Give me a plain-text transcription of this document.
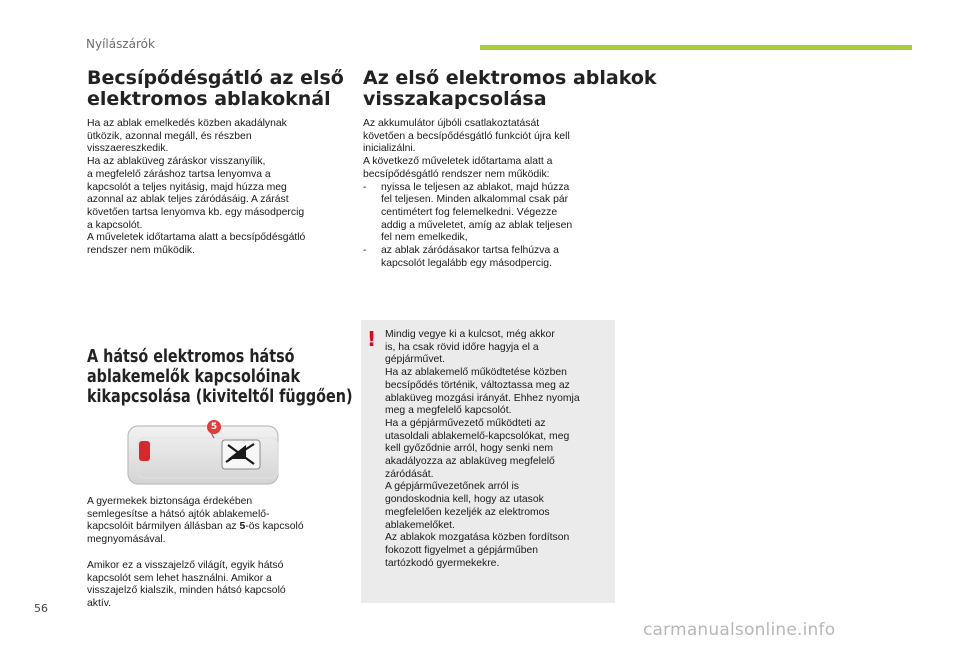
Nyílászárók
Becsípődésgátló az első
elektromos ablakoknál

Ha az ablak emelkedés közben akadálynak

ütközik, azonnal megáll, és részben

visszaereszkedik.

Ha az ablaküveg záráskor visszanyílik,

a megfelelő záráshoz tartsa lenyomva a

kapcsolót a teljes nyitásig, majd húzza meg

azonnal az ablak teljes záródásáig. A zárást

követően tartsa lenyomva kb. egy másodpercig

a kapcsolót.

A műveletek időtartama alatt a becsípődésgátló

rendszer nem működik.

A hátsó elektromos hátsó
ablakemelők kapcsolóinak
kikapcsolása (kiviteltől függően)
5

A gyermekek biztonsága érdekében

semlegesítse a hátsó ajtók ablakemelő-

kapcsolóit bármilyen állásban az 5-ös kapcsoló

megnyomásával.

Amikor ez a visszajelző világít, egyik hátsó

kapcsolót sem lehet használni. Amikor a

visszajelző kialszik, minden hátsó kapcsoló

aktív.

Az első elektromos ablakok
visszakapcsolása

Az akkumulátor újbóli csatlakoztatását

követően a becsípődésgátló funkciót újra kell

inicializálni.

A következő műveletek időtartama alatt a

becsípődésgátló rendszer nem működik:

- nyissa le teljesen az ablakot, majd húzza
fel teljesen. Minden alkalommal csak pár
centimétert fog felemelkedni. Végezze
addig a műveletet, amíg az ablak teljesen
fel nem emelkedik,
- az ablak záródásakor tartsa felhúzva a
kapcsolót legalább egy másodpercig.
! Mindig vegye ki a kulcsot, még akkor

is, ha csak rövid időre hagyja el a

gépjárművet.

Ha az ablakemelő működtetése közben

becsípődés történik, változtassa meg az

ablaküveg mozgási irányát. Ehhez nyomja

meg a megfelelő kapcsolót.

Ha a gépjárművezető működteti az

utasoldali ablakemelő-kapcsolókat, meg

kell győződnie arról, hogy senki nem

akadályozza az ablaküveg megfelelő

záródását.

A gépjárművezetőnek arról is

gondoskodnia kell, hogy az utasok

megfelelően kezeljék az elektromos

ablakemelőket.

Az ablakok mozgatása közben fordítson

fokozott figyelmet a gépjárműben

tartózkodó gyermekekre.

56
carmanualsonline.info
